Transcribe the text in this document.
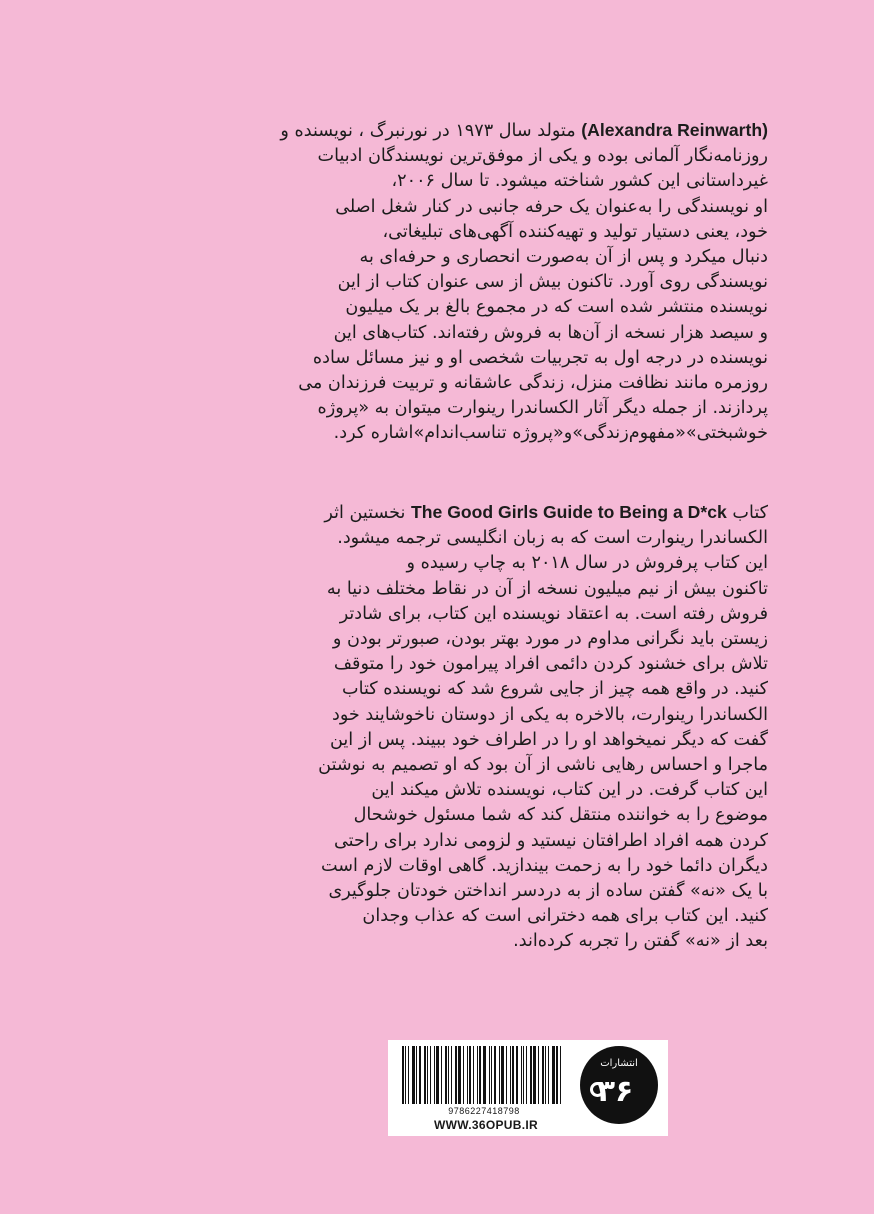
(Alexandra Reinwarth) متولد سال ۱۹۷۳ در نورنبرگ ، نویسنده و
روزنامه‌نگار آلمانی بوده و یکی از موفق‌ترین نویسندگان ادبیات
غیرداستانی این کشور شناخته میشود. تا سال ۲۰۰۶،
او نویسندگی را به‌عنوان یک حرفه جانبی در کنار شغل اصلی
خود، یعنی دستیار تولید و تهیه‌کننده آگهی‌های تبلیغاتی،
دنبال میکرد و پس از آن به‌صورت انحصاری و حرفه‌ای به
نویسندگی روی آورد. تاکنون بیش از سی عنوان کتاب از این
نویسنده منتشر شده است که در مجموع بالغ بر یک میلیون
و سیصد هزار نسخه از آن‌ها به فروش رفته‌اند. کتاب‌های این
نویسنده در درجه اول به تجربیات شخصی او و نیز مسائل ساده
روزمره مانند نظافت منزل، زندگی عاشقانه و تربیت فرزندان می
پردازند. از جمله دیگر آثار الکساندرا رینوارت میتوان به «پروژه
خوشبختی»«مفهوم‌زندگی»و«پروژه تناسب‌اندام»اشاره کرد.
کتاب The Good Girls Guide to Being a D*ck نخستین اثر
الکساندرا رینوارت است که به زبان انگلیسی ترجمه میشود.
این کتاب پرفروش در سال ۲۰۱۸ به چاپ رسیده و
تاکنون بیش از نیم میلیون نسخه از آن در نقاط مختلف دنیا به
فروش رفته است. به اعتقاد نویسنده این کتاب، برای شادتر
زیستن باید نگرانی مداوم در مورد بهتر بودن، صبورتر بودن و
تلاش برای خشنود کردن دائمی افراد پیرامون خود را متوقف
کنید. در واقع همه چیز از جایی شروع شد که نویسنده کتاب
الکساندرا رینوارت، بالاخره به یکی از دوستان ناخوشایند خود
گفت که دیگر نمیخواهد او را در اطراف خود ببیند. پس از این
ماجرا و احساس رهایی ناشی از آن بود که او تصمیم به نوشتن
این کتاب گرفت. در این کتاب، نویسنده تلاش میکند این
موضوع را به خواننده منتقل کند که شما مسئول خوشحال
کردن همه افراد اطرافتان نیستید و لزومی ندارد برای راحتی
دیگران دائما خود را به زحمت بیندازید. گاهی اوقات لازم است
با یک «نه» گفتن ساده از به دردسر انداختن خودتان جلوگیری
کنید. این کتاب برای همه دخترانی است که عذاب وجدان
بعد از «نه» گفتن را تجربه کرده‌اند.
9786227418798
WWW.36OPUB.IR
انتشارات
۳۶
